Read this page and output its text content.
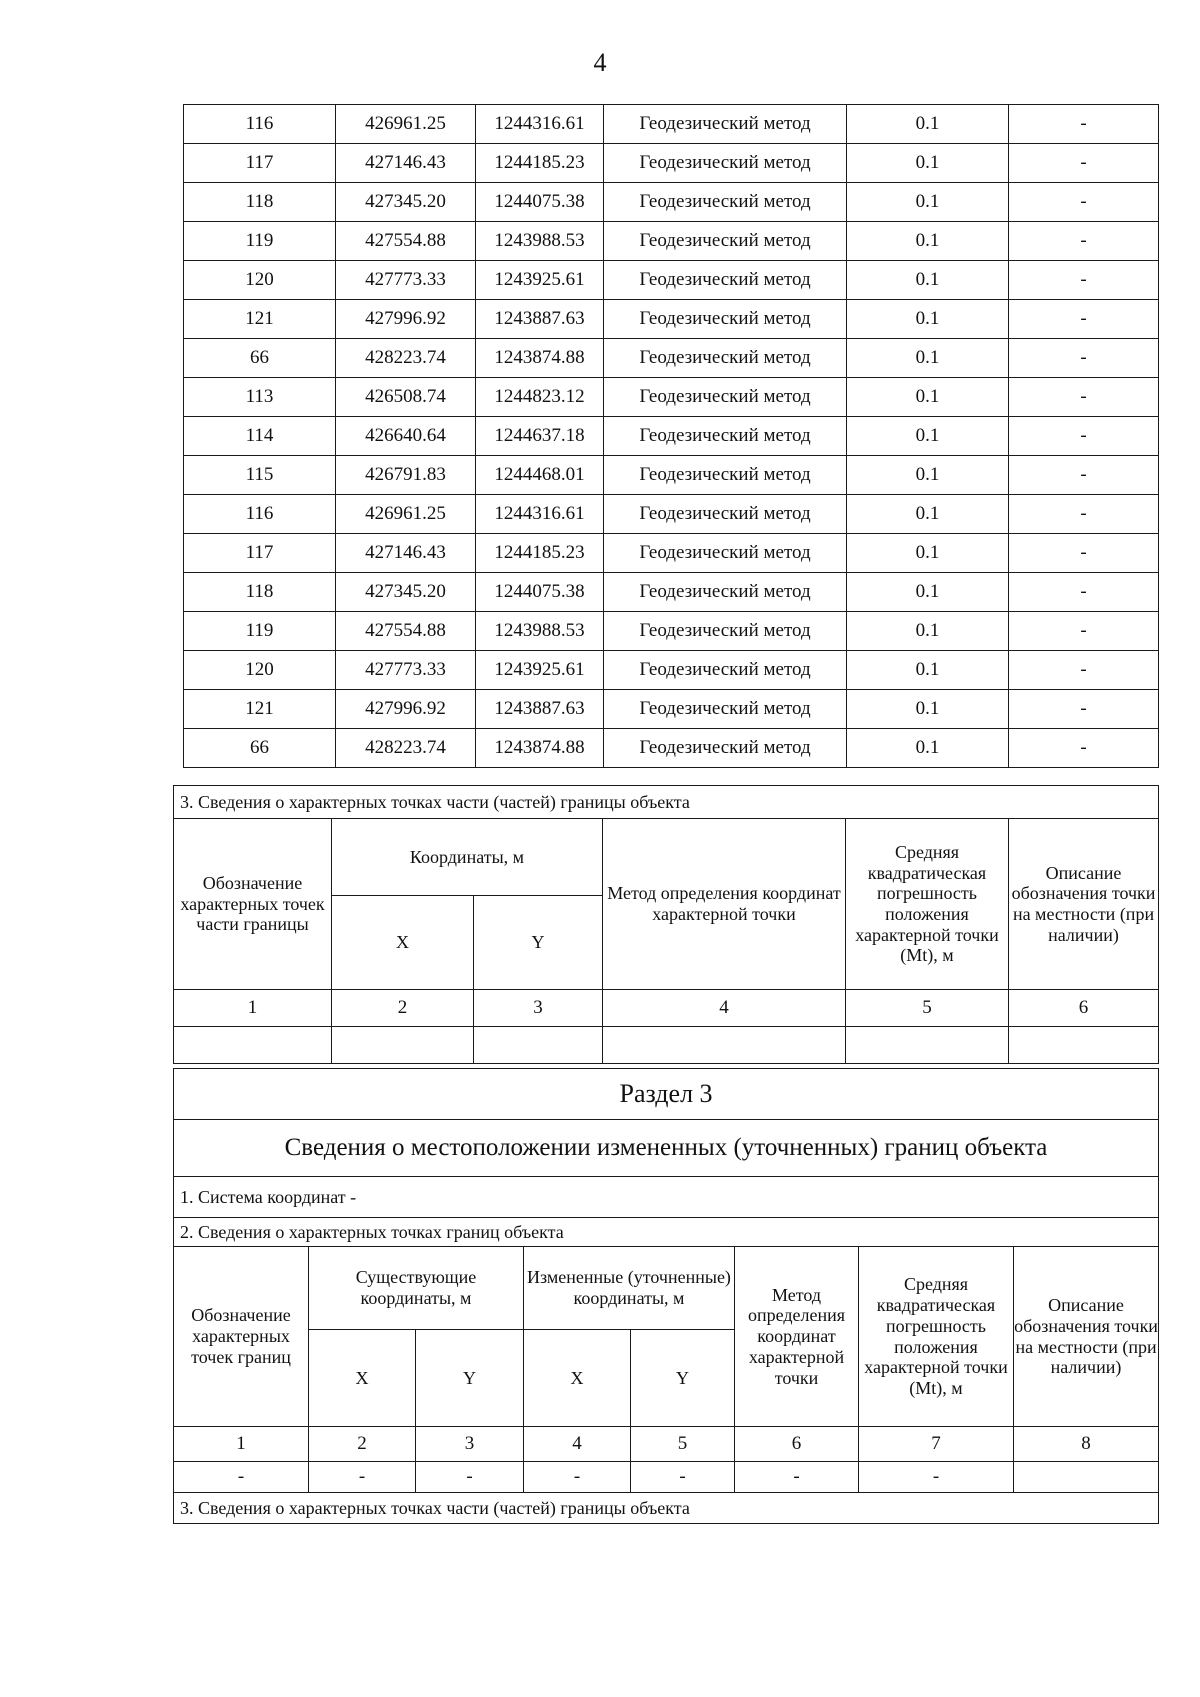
4
116	426961.25	1244316.61	Геодезический метод	0.1	-
117	427146.43	1244185.23	Геодезический метод	0.1	-
118	427345.20	1244075.38	Геодезический метод	0.1	-
119	427554.88	1243988.53	Геодезический метод	0.1	-
120	427773.33	1243925.61	Геодезический метод	0.1	-
121	427996.92	1243887.63	Геодезический метод	0.1	-
66	428223.74	1243874.88	Геодезический метод	0.1	-
113	426508.74	1244823.12	Геодезический метод	0.1	-
114	426640.64	1244637.18	Геодезический метод	0.1	-
115	426791.83	1244468.01	Геодезический метод	0.1	-
116	426961.25	1244316.61	Геодезический метод	0.1	-
117	427146.43	1244185.23	Геодезический метод	0.1	-
118	427345.20	1244075.38	Геодезический метод	0.1	-
119	427554.88	1243988.53	Геодезический метод	0.1	-
120	427773.33	1243925.61	Геодезический метод	0.1	-
121	427996.92	1243887.63	Геодезический метод	0.1	-
66	428223.74	1243874.88	Геодезический метод	0.1	-
3. Сведения о характерных точках части (частей) границы объекта					
Обозначение характерных точек части границы	Координаты, м		Метод определения координат характерной точки	Средняя квадратическая погрешность положения характерной точки (Mt), м	Описание обозначения точки на местности (при наличии)
	X	Y			
1	2	3	4	5	6

Раздел 3							
Сведения о местоположении измененных (уточненных) границ объекта							
1. Система координат -							
2. Сведения о характерных точках границ объекта							
Обозначение характерных точек границ	Существующие координаты, м		Измененные (уточненные) координаты, м		Метод определения координат характерной точки	Средняя квадратическая погрешность положения характерной точки (Mt), м	Описание обозначения точки на местности (при наличии)
	X	Y	X	Y			
1	2	3	4	5	6	7	8
-	-	-	-	-	-	-	
3. Сведения о характерных точках части (частей) границы объекта							
